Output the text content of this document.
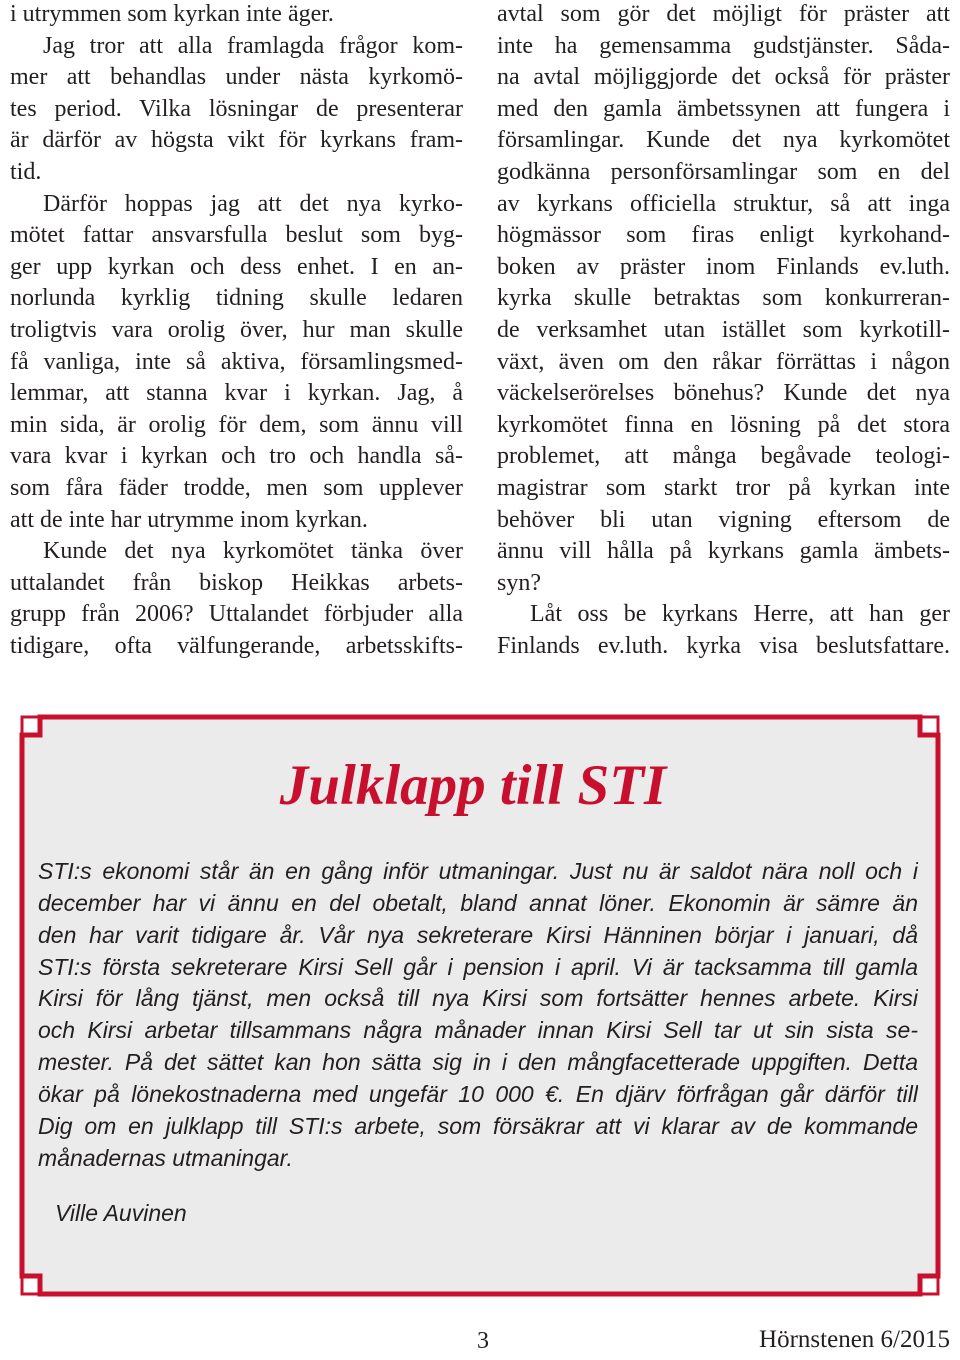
i utrymmen som kyrkan inte äger.
Jag tror att alla framlagda frågor kom-
mer att behandlas under nästa kyrkomö-
tes period. Vilka lösningar de presenterar
är därför av högsta vikt för kyrkans fram-
tid.
Därför hoppas jag att det nya kyrko-
mötet fattar ansvarsfulla beslut som byg-
ger upp kyrkan och dess enhet. I en an-
norlunda kyrklig tidning skulle ledaren
troligtvis vara orolig över, hur man skulle
få vanliga, inte så aktiva, församlingsmed-
lemmar, att stanna kvar i kyrkan. Jag, å
min sida, är orolig för dem, som ännu vill
vara kvar i kyrkan och tro och handla så-
som fåra fäder trodde, men som upplever
att de inte har utrymme inom kyrkan.
Kunde det nya kyrkomötet tänka över
uttalandet från biskop Heikkas arbets-
grupp från 2006? Uttalandet förbjuder alla
tidigare, ofta välfungerande, arbetsskifts-
avtal som gör det möjligt för präster att
inte ha gemensamma gudstjänster. Såda-
na avtal möjliggjorde det också för präster
med den gamla ämbetssynen att fungera i
församlingar. Kunde det nya kyrkomötet
godkänna personförsamlingar som en del
av kyrkans officiella struktur, så att inga
högmässor som firas enligt kyrkohand-
boken av präster inom Finlands ev.luth.
kyrka skulle betraktas som konkurreran-
de verksamhet utan istället som kyrkotill-
växt, även om den råkar förrättas i någon
väckelserörelses bönehus? Kunde det nya
kyrkomötet finna en lösning på det stora
problemet, att många begåvade teologi-
magistrar som starkt tror på kyrkan inte
behöver bli utan vigning eftersom de
ännu vill hålla på kyrkans gamla ämbets-
syn?
Låt oss be kyrkans Herre, att han ger
Finlands ev.luth. kyrka visa beslutsfattare.
Julklapp till STI
STI:s ekonomi står än en gång inför utmaningar. Just nu är saldot nära noll och i
december har vi ännu en del obetalt, bland annat löner. Ekonomin är sämre än
den har varit tidigare år. Vår nya sekreterare Kirsi Hänninen börjar i januari, då
STI:s första sekreterare Kirsi Sell går i pension i april. Vi är tacksamma till gamla
Kirsi för lång tjänst, men också till nya Kirsi som fortsätter hennes arbete. Kirsi
och Kirsi arbetar tillsammans några månader innan Kirsi Sell tar ut sin sista se-
mester. På det sättet kan hon sätta sig in i den mångfacetterade uppgiften. Detta
ökar på lönekostnaderna med ungefär 10 000 €. En djärv förfrågan går därför till
Dig om en julklapp till STI:s arbete, som försäkrar att vi klarar av de kommande
månadernas utmaningar.
Ville Auvinen
3	Hörnstenen 6/2015
